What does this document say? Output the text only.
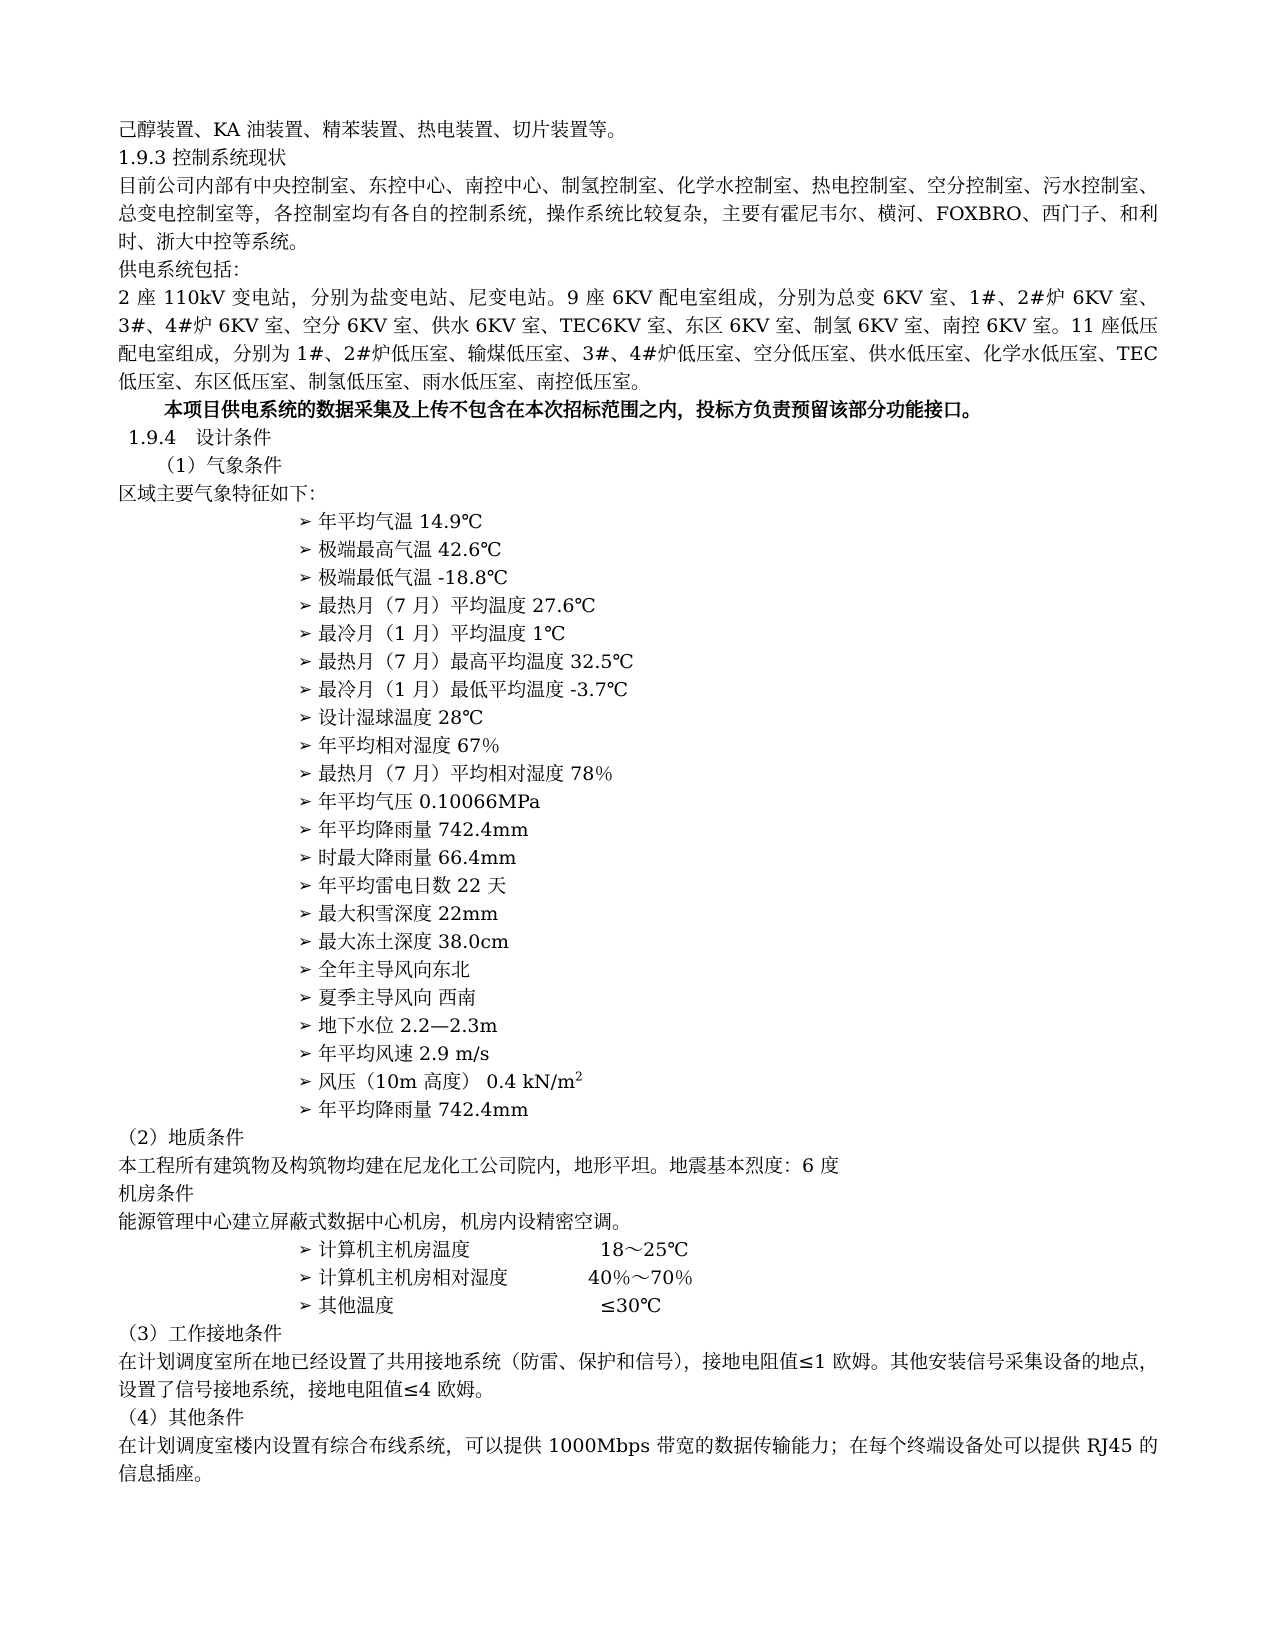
己醇装置、KA 油装置、精苯装置、热电装置、切片装置等。

1.9.3 控制系统现状

目前公司内部有中央控制室、东控中心、南控中心、制氢控制室、化学水控制室、热电控制室、空分控制室、污水控制室、总变电控制室等，各控制室均有各自的控制系统，操作系统比较复杂，主要有霍尼韦尔、横河、FOXBRO、西门子、和利时、浙大中控等系统。

供电系统包括：

2 座 110kV 变电站，分别为盐变电站、尼变电站。9 座 6KV 配电室组成，分别为总变 6KV 室、1#、2#炉 6KV 室、3#、4#炉 6KV 室、空分 6KV 室、供水 6KV 室、TEC6KV 室、东区 6KV 室、制氢 6KV 室、南控 6KV 室。11 座低压配电室组成，分别为 1#、2#炉低压室、输煤低压室、3#、4#炉低压室、空分低压室、供水低压室、化学水低压室、TEC 低压室、东区低压室、制氢低压室、雨水低压室、南控低压室。

本项目供电系统的数据采集及上传不包含在本次招标范围之内，投标方负责预留该部分功能接口。

1.9.4　设计条件

（1）气象条件

区域主要气象特征如下：

➢ 年平均气温 14.9℃
➢ 极端最高气温 42.6℃
➢ 极端最低气温 -18.8℃
➢ 最热月（7 月）平均温度 27.6℃
➢ 最冷月（1 月）平均温度 1℃
➢ 最热月（7 月）最高平均温度 32.5℃
➢ 最冷月（1 月）最低平均温度 -3.7℃
➢ 设计湿球温度 28℃
➢ 年平均相对湿度 67％
➢ 最热月（7 月）平均相对湿度 78％
➢ 年平均气压 0.10066MPa
➢ 年平均降雨量 742.4mm
➢ 时最大降雨量 66.4mm
➢ 年平均雷电日数 22 天
➢ 最大积雪深度 22mm
➢ 最大冻土深度 38.0cm
➢ 全年主导风向东北
➢ 夏季主导风向 西南
➢ 地下水位 2.2—2.3m
➢ 年平均风速 2.9 m/s
➢ 风压（10m 高度） 0.4 $kN/m^2$
➢ 年平均降雨量 742.4mm

（2）地质条件

本工程所有建筑物及构筑物均建在尼龙化工公司院内，地形平坦。地震基本烈度：6 度

机房条件

能源管理中心建立屏蔽式数据中心机房，机房内设精密空调。

➢ 计算机主机房温度	18～25℃
➢ 计算机主机房相对湿度	40％～70％
➢ 其他温度	≤30℃

（3）工作接地条件

在计划调度室所在地已经设置了共用接地系统（防雷、保护和信号），接地电阻值≤1 欧姆。其他安装信号采集设备的地点，设置了信号接地系统，接地电阻值≤4 欧姆。

（4）其他条件

在计划调度室楼内设置有综合布线系统，可以提供 1000Mbps 带宽的数据传输能力；在每个终端设备处可以提供 RJ45 的信息插座。
